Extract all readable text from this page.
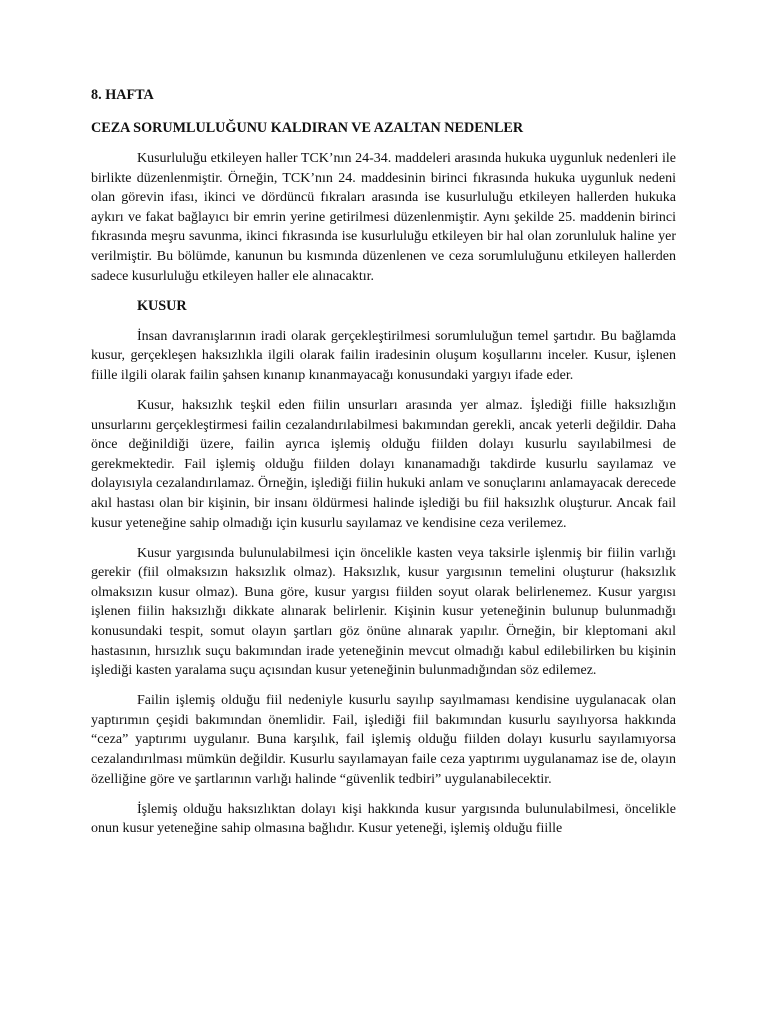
8. HAFTA

CEZA SORUMLULUĞUNU KALDIRAN VE AZALTAN NEDENLER

Kusurluluğu etkileyen haller TCK’nın 24-34. maddeleri arasında hukuka uygunluk nedenleri ile birlikte düzenlenmiştir. Örneğin, TCK’nın 24. maddesinin birinci fıkrasında hukuka uygunluk nedeni olan görevin ifası, ikinci ve dördüncü fıkraları arasında ise kusurluluğu etkileyen hallerden hukuka aykırı ve fakat bağlayıcı bir emrin yerine getirilmesi düzenlenmiştir. Aynı şekilde 25. maddenin birinci fıkrasında meşru savunma, ikinci fıkrasında ise kusurluluğu etkileyen bir hal olan zorunluluk haline yer verilmiştir. Bu bölümde, kanunun bu kısmında düzenlenen ve ceza sorumluluğunu etkileyen hallerden sadece kusurluluğu etkileyen haller ele alınacaktır.

KUSUR

İnsan davranışlarının iradi olarak gerçekleştirilmesi sorumluluğun temel şartıdır. Bu bağlamda kusur, gerçekleşen haksızlıkla ilgili olarak failin iradesinin oluşum koşullarını inceler. Kusur, işlenen fiille ilgili olarak failin şahsen kınanıp kınanmayacağı konusundaki yargıyı ifade eder.

Kusur, haksızlık teşkil eden fiilin unsurları arasında yer almaz. İşlediği fiille haksızlığın unsurlarını gerçekleştirmesi failin cezalandırılabilmesi bakımından gerekli, ancak yeterli değildir. Daha önce değinildiği üzere, failin ayrıca işlemiş olduğu fiilden dolayı kusurlu sayılabilmesi de gerekmektedir. Fail işlemiş olduğu fiilden dolayı kınanamadığı takdirde kusurlu sayılamaz ve dolayısıyla cezalandırılamaz. Örneğin, işlediği fiilin hukuki anlam ve sonuçlarını anlamayacak derecede akıl hastası olan bir kişinin, bir insanı öldürmesi halinde işlediği bu fiil haksızlık oluşturur. Ancak fail kusur yeteneğine sahip olmadığı için kusurlu sayılamaz ve kendisine ceza verilemez.

Kusur yargısında bulunulabilmesi için öncelikle kasten veya taksirle işlenmiş bir fiilin varlığı gerekir (fiil olmaksızın haksızlık olmaz). Haksızlık, kusur yargısının temelini oluşturur (haksızlık olmaksızın kusur olmaz). Buna göre, kusur yargısı fiilden soyut olarak belirlenemez. Kusur yargısı işlenen fiilin haksızlığı dikkate alınarak belirlenir. Kişinin kusur yeteneğinin bulunup bulunmadığı konusundaki tespit, somut olayın şartları göz önüne alınarak yapılır. Örneğin, bir kleptomani akıl hastasının, hırsızlık suçu bakımından irade yeteneğinin mevcut olmadığı kabul edilebilirken bu kişinin işlediği kasten yaralama suçu açısından kusur yeteneğinin bulunmadığından söz edilemez.

Failin işlemiş olduğu fiil nedeniyle kusurlu sayılıp sayılmaması kendisine uygulanacak olan yaptırımın çeşidi bakımından önemlidir. Fail, işlediği fiil bakımından kusurlu sayılıyorsa hakkında “ceza” yaptırımı uygulanır. Buna karşılık, fail işlemiş olduğu fiilden dolayı kusurlu sayılamıyorsa cezalandırılması mümkün değildir. Kusurlu sayılamayan faile ceza yaptırımı uygulanamaz ise de, olayın özelliğine göre ve şartlarının varlığı halinde “güvenlik tedbiri” uygulanabilecektir.

İşlemiş olduğu haksızlıktan dolayı kişi hakkında kusur yargısında bulunulabilmesi, öncelikle onun kusur yeteneğine sahip olmasına bağlıdır. Kusur yeteneği, işlemiş olduğu fiille
